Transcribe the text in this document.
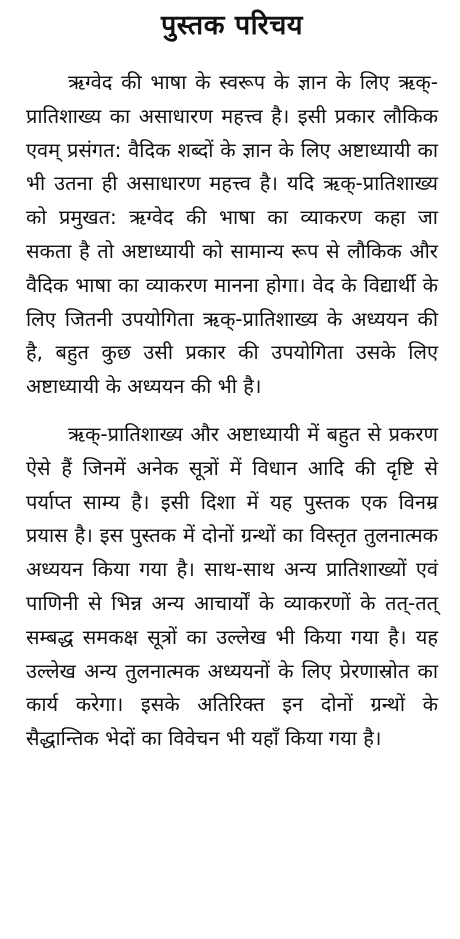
पुस्तक परिचय

ऋग्वेद की भाषा के स्वरूप के ज्ञान के लिए ऋक्-प्रातिशाख्य का असाधारण महत्त्व है। इसी प्रकार लौकिक एवम् प्रसंगत: वैदिक शब्दों के ज्ञान के लिए अष्टाध्यायी का भी उतना ही असाधारण महत्त्व है। यदि ऋक्-प्रातिशाख्य को प्रमुखत: ऋग्वेद की भाषा का व्याकरण कहा जा सकता है तो अष्टाध्यायी को सामान्य रूप से लौकिक और वैदिक भाषा का व्याकरण मानना होगा। वेद के विद्यार्थी के लिए जितनी उपयोगिता ऋक्-प्रातिशाख्य के अध्ययन की है, बहुत कुछ उसी प्रकार की उपयोगिता उसके लिए अष्टाध्यायी के अध्ययन की भी है।

ऋक्-प्रातिशाख्य और अष्टाध्यायी में बहुत से प्रकरण ऐसे हैं जिनमें अनेक सूत्रों में विधान आदि की दृष्टि से पर्याप्त साम्य है। इसी दिशा में यह पुस्तक एक विनम्र प्रयास है। इस पुस्तक में दोनों ग्रन्थों का विस्तृत तुलनात्मक अध्ययन किया गया है। साथ-साथ अन्य प्रातिशाख्यों एवं पाणिनी से भिन्न अन्य आचार्यों के व्याकरणों के तत्-तत् सम्बद्ध समकक्ष सूत्रों का उल्लेख भी किया गया है। यह उल्लेख अन्य तुलनात्मक अध्ययनों के लिए प्रेरणास्रोत का कार्य करेगा। इसके अतिरिक्त इन दोनों ग्रन्थों के सैद्धान्तिक भेदों का विवेचन भी यहाँ किया गया है।
